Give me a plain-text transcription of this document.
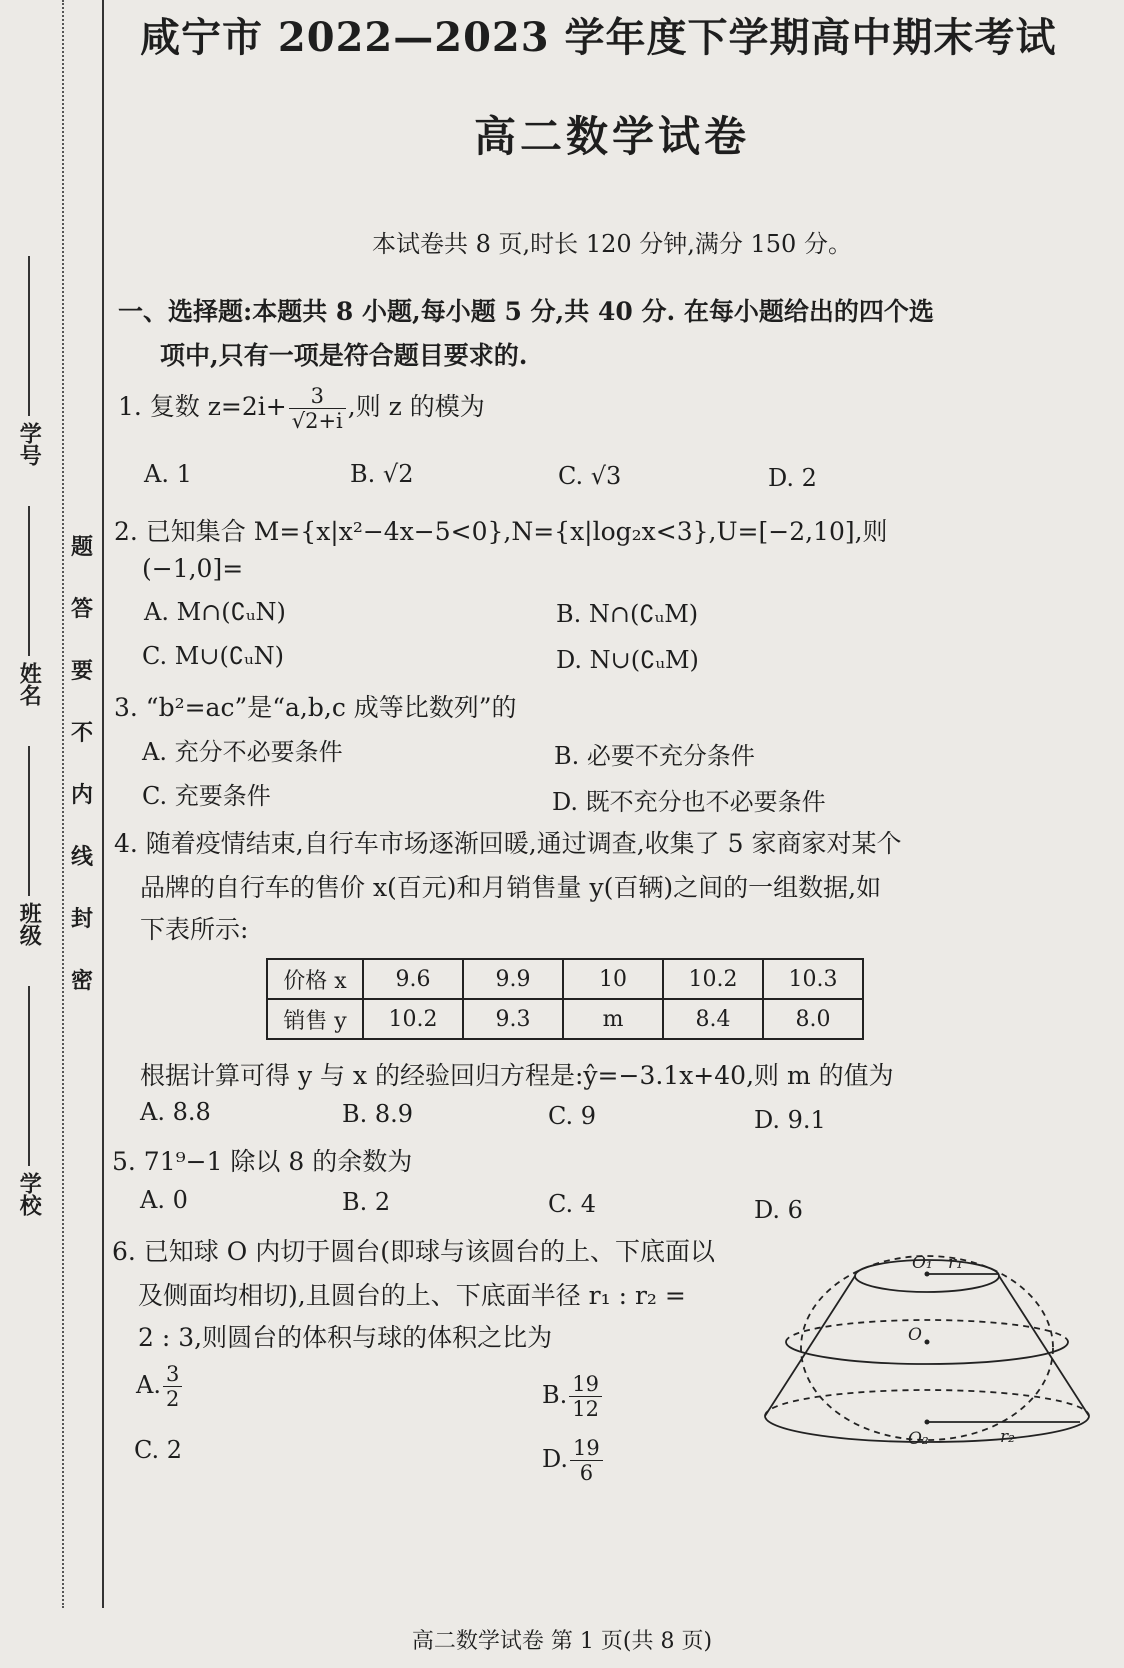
学号
姓名
班级
学校
题
答
要
不
内
线
封
密
咸宁市 2022—2023 学年度下学期高中期末考试
高二数学试卷
本试卷共 8 页,时长 120 分钟,满分 150 分。
一、选择题:本题共 8 小题,每小题 5 分,共 40 分. 在每小题给出的四个选
项中,只有一项是符合题目要求的.
1. 复数 $z=2i+ \frac{3}{√2+i}$ ,则 z 的模为
A. 1	B. √2	C. √3	D. 2
2. 已知集合 M={x|x²−4x−5<0},N={x|log₂x<3},U=[−2,10],则
(−1,0]=
A. M∩(∁ᵤN)	B. N∩(∁ᵤM)
C. M∪(∁ᵤN)	D. N∪(∁ᵤM)
3. “b²=ac”是“a,b,c 成等比数列”的
A. 充分不必要条件	B. 必要不充分条件
C. 充要条件	D. 既不充分也不必要条件
4. 随着疫情结束,自行车市场逐渐回暖,通过调查,收集了 5 家商家对某个
品牌的自行车的售价 x(百元)和月销售量 y(百辆)之间的一组数据,如
下表所示:
价格 x	9.6	9.9	10	10.2	10.3
销售 y	10.2	9.3	m	8.4	8.0
根据计算可得 y 与 x 的经验回归方程是:ŷ=−3.1x+40,则 m 的值为
A. 8.8	B. 8.9	C. 9	D. 9.1
5. 71⁹−1 除以 8 的余数为
A. 0	B. 2	C. 4	D. 6
6. 已知球 O 内切于圆台(即球与该圆台的上、下底面以
及侧面均相切),且圆台的上、下底面半径 r₁ : r₂ =
2 : 3,则圆台的体积与球的体积之比为
A. $\frac{3}{2}$	B. $\frac{19}{12}$
C. 2	D. $\frac{19}{6}$
O₁ r₁
O
O₂	r₂
高二数学试卷 第 1 页(共 8 页)
